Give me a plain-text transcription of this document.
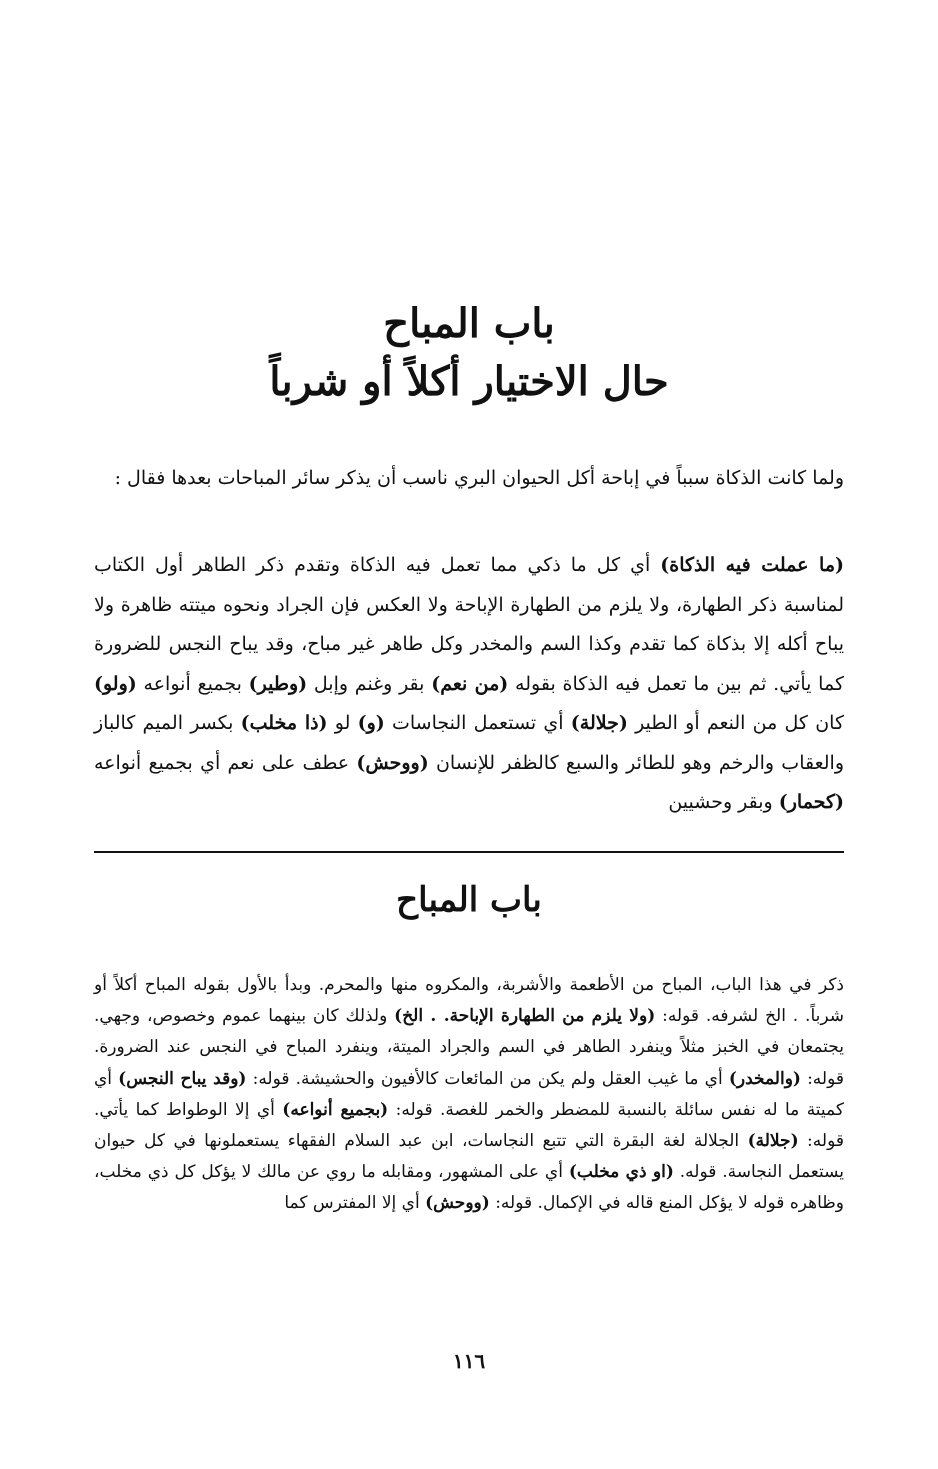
باب المباح

حال الاختيار أكلاً أو شرباً

ولما كانت الذكاة سبباً في إباحة أكل الحيوان البري ناسب أن يذكر سائر المباحات بعدها فقال :

(ما عملت فيه الذكاة) أي كل ما ذكي مما تعمل فيه الذكاة وتقدم ذكر الطاهر أول الكتاب لمناسبة ذكر الطهارة، ولا يلزم من الطهارة الإباحة ولا العكس فإن الجراد ونحوه ميتته ظاهرة ولا يباح أكله إلا بذكاة كما تقدم وكذا السم والمخدر وكل طاهر غير مباح، وقد يباح النجس للضرورة كما يأتي. ثم بين ما تعمل فيه الذكاة بقوله (من نعم) بقر وغنم وإبل (وطير) بجميع أنواعه (ولو) كان كل من النعم أو الطير (جلالة) أي تستعمل النجاسات (و) لو (ذا مخلب) بكسر الميم كالباز والعقاب والرخم وهو للطائر والسبع كالظفر للإنسان (ووحش) عطف على نعم أي بجميع أنواعه (كحمار) وبقر وحشيين

باب المباح

ذكر في هذا الباب، المباح من الأطعمة والأشربة، والمكروه منها والمحرم. وبدأ بالأول بقوله المباح أكلاً أو شرباً. . الخ لشرفه. قوله: (ولا يلزم من الطهارة الإباحة. . الخ) ولذلك كان بينهما عموم وخصوص، وجهي. يجتمعان في الخبز مثلاً وينفرد الطاهر في السم والجراد الميتة، وينفرد المباح في النجس عند الضرورة. قوله: (والمخدر) أي ما غيب العقل ولم يكن من المائعات كالأفيون والحشيشة. قوله: (وقد يباح النجس) أي كميتة ما له نفس سائلة بالنسبة للمضطر والخمر للغصة. قوله: (بجميع أنواعه) أي إلا الوطواط كما يأتي. قوله: (جلالة) الجلالة لغة البقرة التي تتبع النجاسات، ابن عبد السلام الفقهاء يستعملونها في كل حيوان يستعمل النجاسة. قوله. (او ذي مخلب) أي على المشهور، ومقابله ما روي عن مالك لا يؤكل كل ذي مخلب، وظاهره قوله لا يؤكل المنع قاله في الإكمال. قوله: (ووحش) أي إلا المفترس كما

١١٦
